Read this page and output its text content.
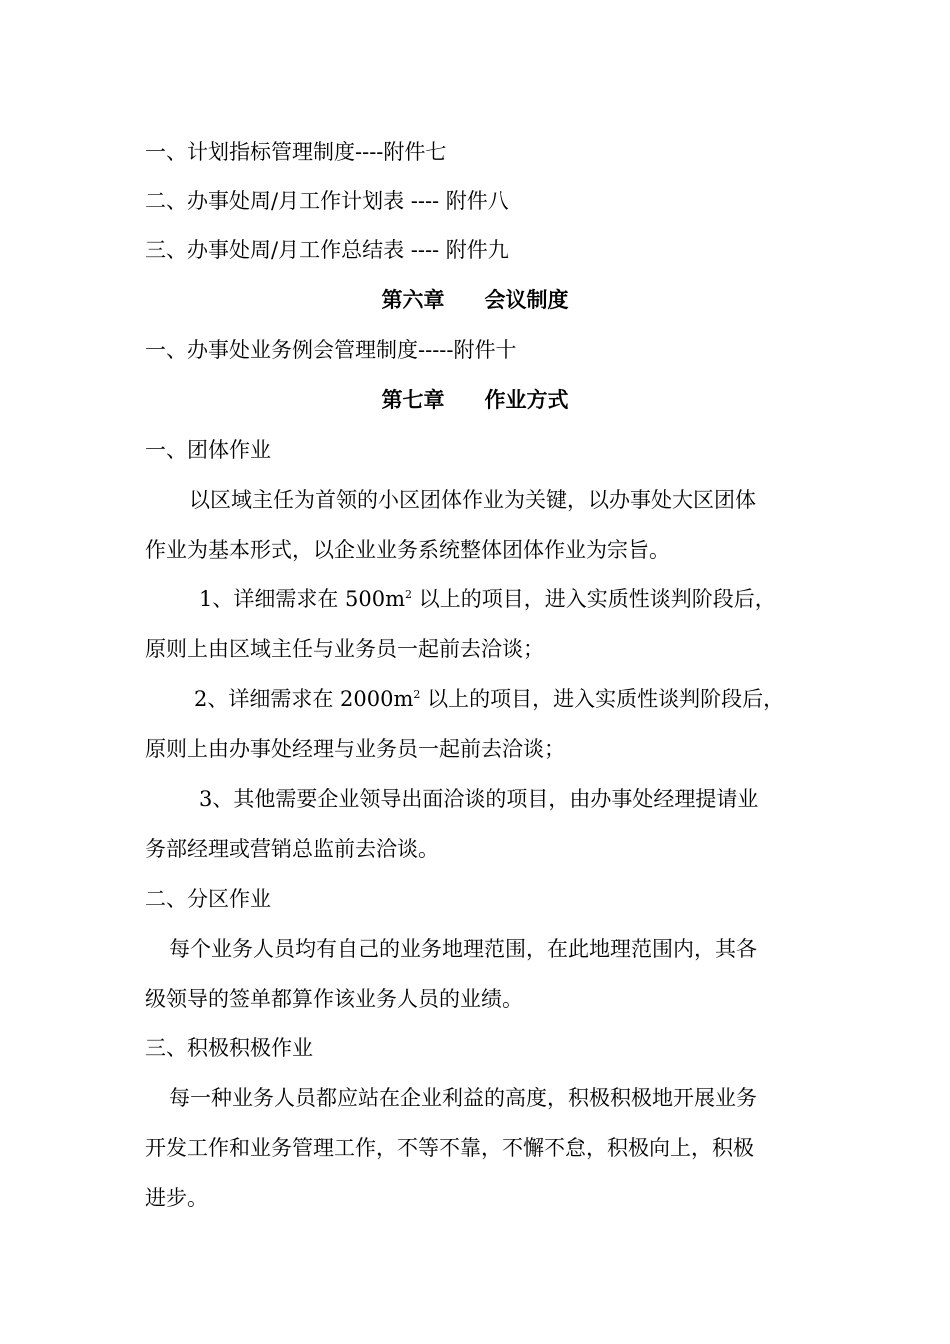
一、计划指标管理制度----附件七
二、办事处周/月工作计划表 ---- 附件八
三、办事处周/月工作总结表 ---- 附件九
第六章 会议制度
一、办事处业务例会管理制度-----附件十
第七章 作业方式
一、团体作业
以区域主任为首领的小区团体作业为关键，以办事处大区团体
作业为基本形式，以企业业务系统整体团体作业为宗旨。
1、详细需求在 $500m^2$ 以上的项目，进入实质性谈判阶段后，
原则上由区域主任与业务员一起前去洽谈；
2、详细需求在 $2000m^2$ 以上的项目，进入实质性谈判阶段后，
原则上由办事处经理与业务员一起前去洽谈；
3、其他需要企业领导出面洽谈的项目，由办事处经理提请业
务部经理或营销总监前去洽谈。
二、分区作业
每个业务人员均有自己的业务地理范围，在此地理范围内，其各
级领导的签单都算作该业务人员的业绩。
三、积极积极作业
每一种业务人员都应站在企业利益的高度，积极积极地开展业务
开发工作和业务管理工作，不等不靠，不懈不怠，积极向上，积极
进步。
